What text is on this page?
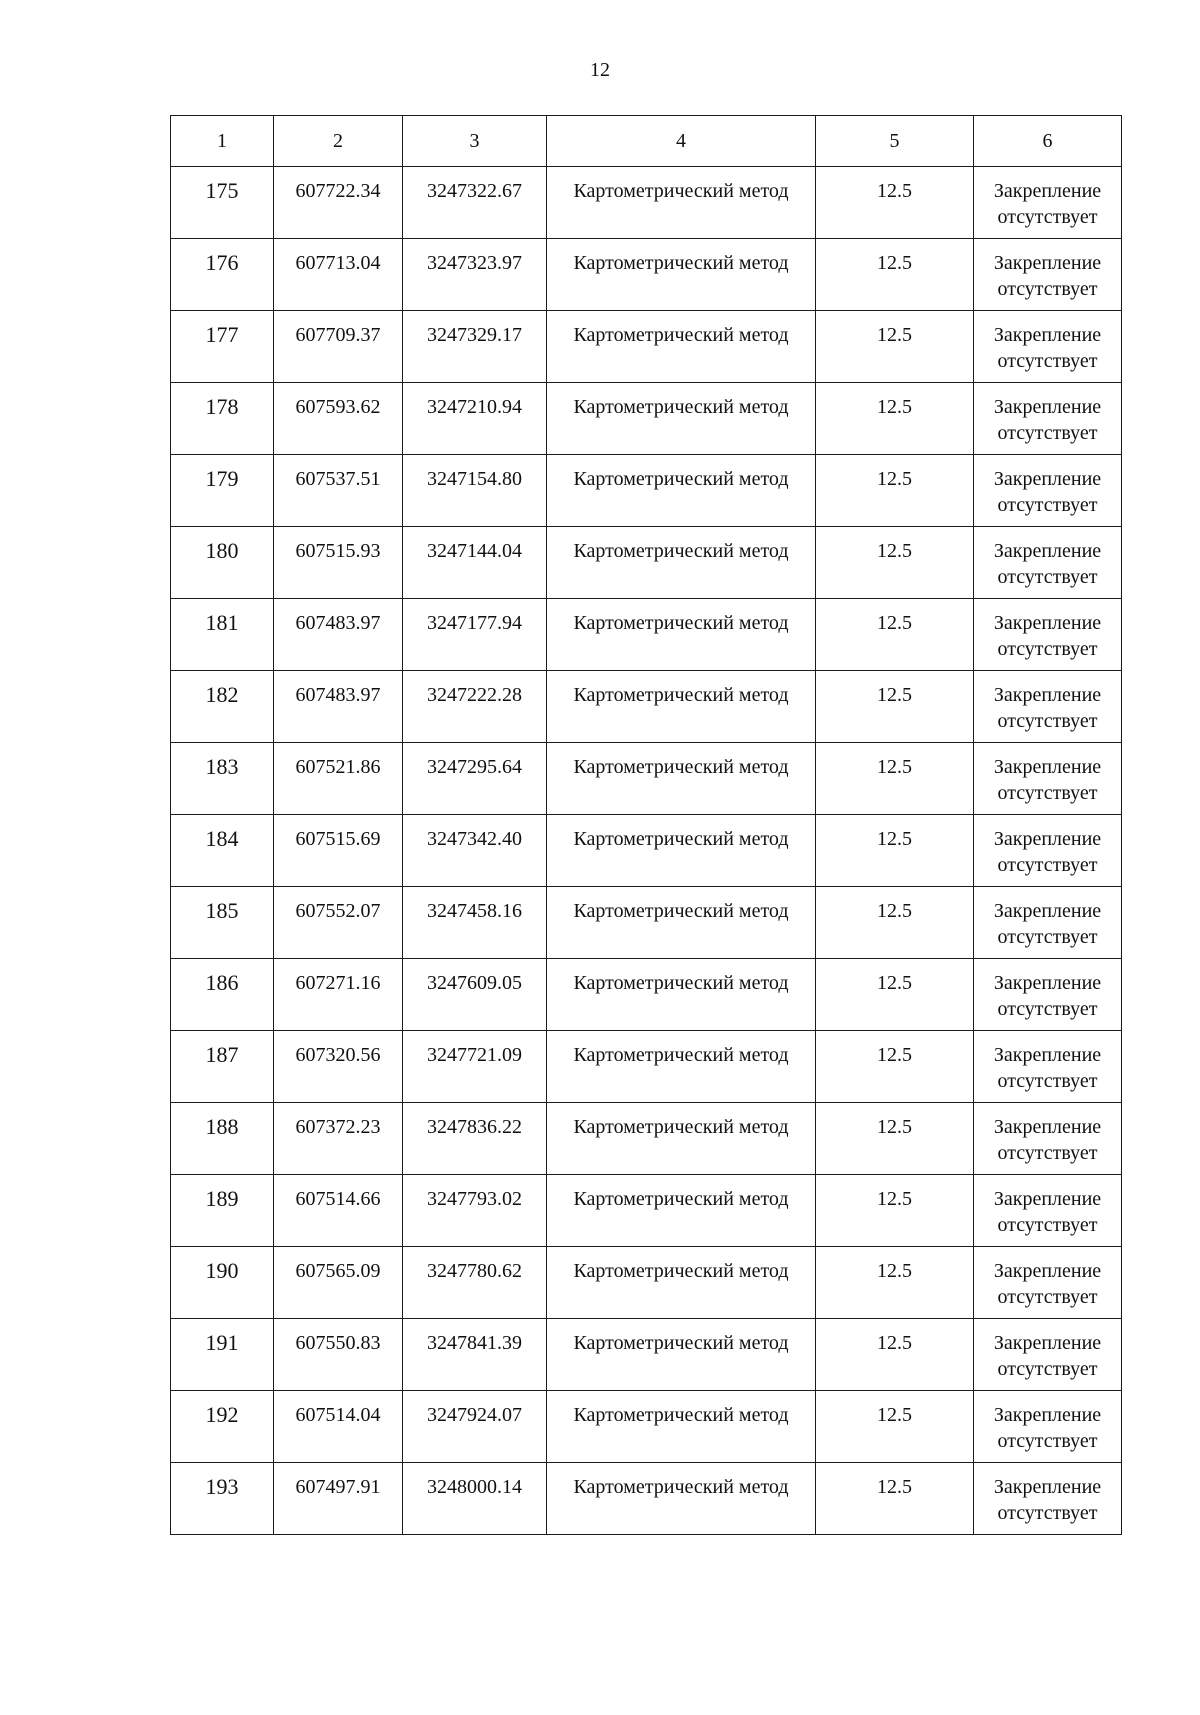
12
1	2	3	4	5	6
175	607722.34	3247322.67	Картометрический метод	12.5	Закрепление отсутствует
176	607713.04	3247323.97	Картометрический метод	12.5	Закрепление отсутствует
177	607709.37	3247329.17	Картометрический метод	12.5	Закрепление отсутствует
178	607593.62	3247210.94	Картометрический метод	12.5	Закрепление отсутствует
179	607537.51	3247154.80	Картометрический метод	12.5	Закрепление отсутствует
180	607515.93	3247144.04	Картометрический метод	12.5	Закрепление отсутствует
181	607483.97	3247177.94	Картометрический метод	12.5	Закрепление отсутствует
182	607483.97	3247222.28	Картометрический метод	12.5	Закрепление отсутствует
183	607521.86	3247295.64	Картометрический метод	12.5	Закрепление отсутствует
184	607515.69	3247342.40	Картометрический метод	12.5	Закрепление отсутствует
185	607552.07	3247458.16	Картометрический метод	12.5	Закрепление отсутствует
186	607271.16	3247609.05	Картометрический метод	12.5	Закрепление отсутствует
187	607320.56	3247721.09	Картометрический метод	12.5	Закрепление отсутствует
188	607372.23	3247836.22	Картометрический метод	12.5	Закрепление отсутствует
189	607514.66	3247793.02	Картометрический метод	12.5	Закрепление отсутствует
190	607565.09	3247780.62	Картометрический метод	12.5	Закрепление отсутствует
191	607550.83	3247841.39	Картометрический метод	12.5	Закрепление отсутствует
192	607514.04	3247924.07	Картометрический метод	12.5	Закрепление отсутствует
193	607497.91	3248000.14	Картометрический метод	12.5	Закрепление отсутствует
